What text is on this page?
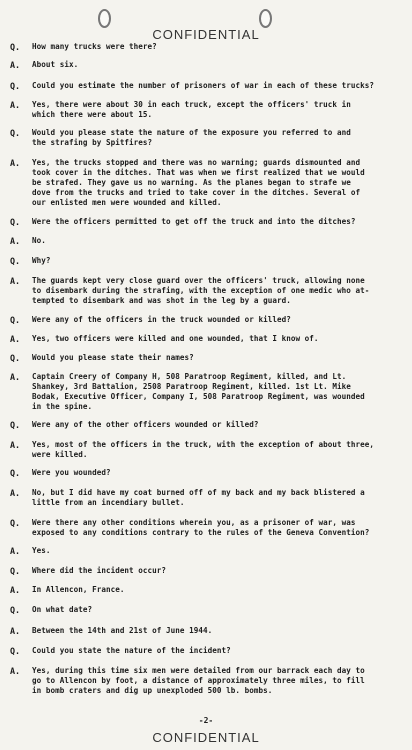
CONFIDENTIAL
Q.	How many trucks were there?
A.	About six.
Q.	Could you estimate the number of prisoners of war in each of these trucks?
A.	Yes, there were about 30 in each truck, except the officers' truck in
which there were about 15.
Q.	Would you please state the nature of the exposure you referred to and
the strafing by Spitfires?
A.	Yes, the trucks stopped and there was no warning; guards dismounted and
took cover in the ditches. That was when we first realized that we would
be strafed. They gave us no warning. As the planes began to strafe we
dove from the trucks and tried to take cover in the ditches. Several of
our enlisted men were wounded and killed.
Q.	Were the officers permitted to get off the truck and into the ditches?
A.	No.
Q.	Why?
A.	The guards kept very close guard over the officers' truck, allowing none
to disembark during the strafing, with the exception of one medic who at-
tempted to disembark and was shot in the leg by a guard.
Q.	Were any of the officers in the truck wounded or killed?
A.	Yes, two officers were killed and one wounded, that I know of.
Q.	Would you please state their names?
A.	Captain Creery of Company H, 508 Paratroop Regiment, killed, and Lt.
Shankey, 3rd Battalion, 2508 Paratroop Regiment, killed. 1st Lt. Mike
Bodak, Executive Officer, Company I, 508 Paratroop Regiment, was wounded
in the spine.
Q.	Were any of the other officers wounded or killed?
A.	Yes, most of the officers in the truck, with the exception of about three,
were killed.
Q.	Were you wounded?
A.	No, but I did have my coat burned off of my back and my back blistered a
little from an incendiary bullet.
Q.	Were there any other conditions wherein you, as a prisoner of war, was
exposed to any conditions contrary to the rules of the Geneva Convention?
A.	Yes.
Q.	Where did the incident occur?
A.	In Allencon, France.
Q.	On what date?
A.	Between the 14th and 21st of June 1944.
Q.	Could you state the nature of the incident?
A.	Yes, during this time six men were detailed from our barrack each day to
go to Allencon by foot, a distance of approximately three miles, to fill
in bomb craters and dig up unexploded 500 lb. bombs.
-2-
CONFIDENTIAL
